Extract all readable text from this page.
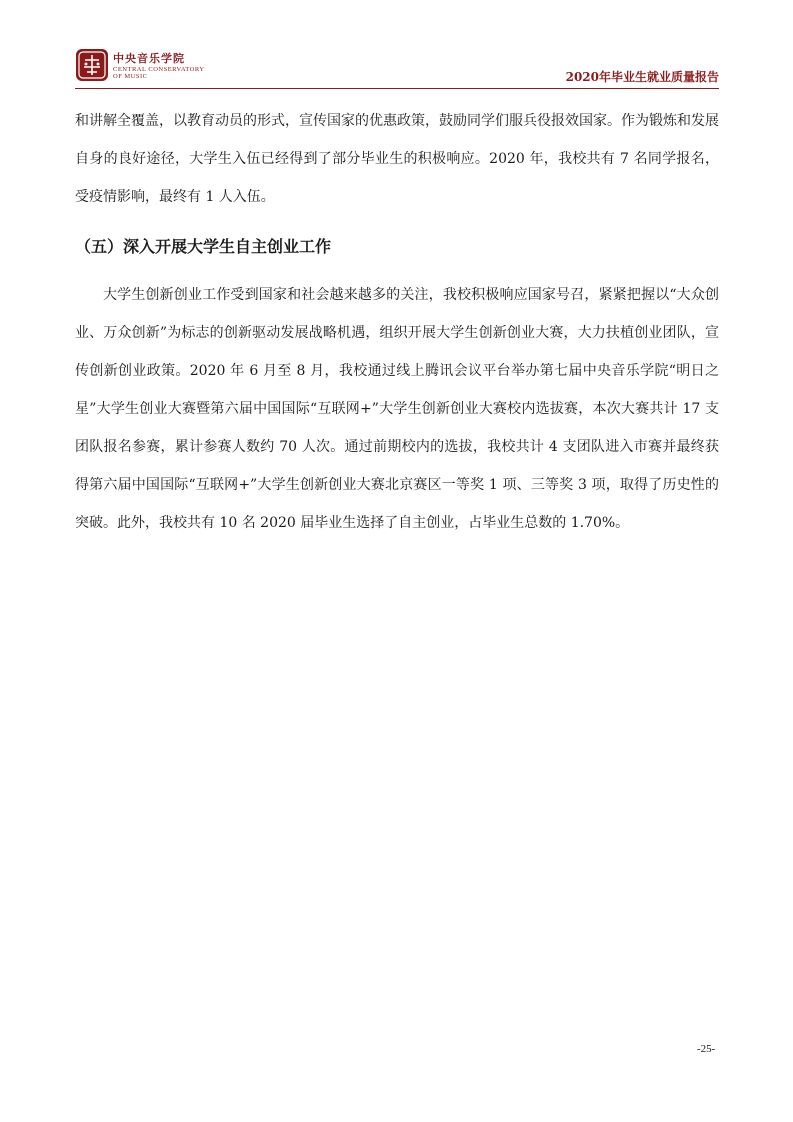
中央音乐学院
CENTRAL CONSERVATORY
OF MUSIC	2020年毕业生就业质量报告

和讲解全覆盖，以教育动员的形式，宣传国家的优惠政策，鼓励同学们服兵役报效国家。作为锻炼和发展自身的良好途径，大学生入伍已经得到了部分毕业生的积极响应。2020 年，我校共有 7 名同学报名，受疫情影响，最终有 1 人入伍。

（五）深入开展大学生自主创业工作

大学生创新创业工作受到国家和社会越来越多的关注，我校积极响应国家号召，紧紧把握以“大众创业、万众创新”为标志的创新驱动发展战略机遇，组织开展大学生创新创业大赛，大力扶植创业团队，宣传创新创业政策。2020 年 6 月至 8 月，我校通过线上腾讯会议平台举办第七届中央音乐学院“明日之星”大学生创业大赛暨第六届中国国际“互联网+”大学生创新创业大赛校内选拔赛，本次大赛共计 17 支团队报名参赛，累计参赛人数约 70 人次。通过前期校内的选拔，我校共计 4 支团队进入市赛并最终获得第六届中国国际“互联网+”大学生创新创业大赛北京赛区一等奖 1 项、三等奖 3 项，取得了历史性的突破。此外，我校共有 10 名 2020 届毕业生选择了自主创业，占毕业生总数的 1.70%。

-25-
